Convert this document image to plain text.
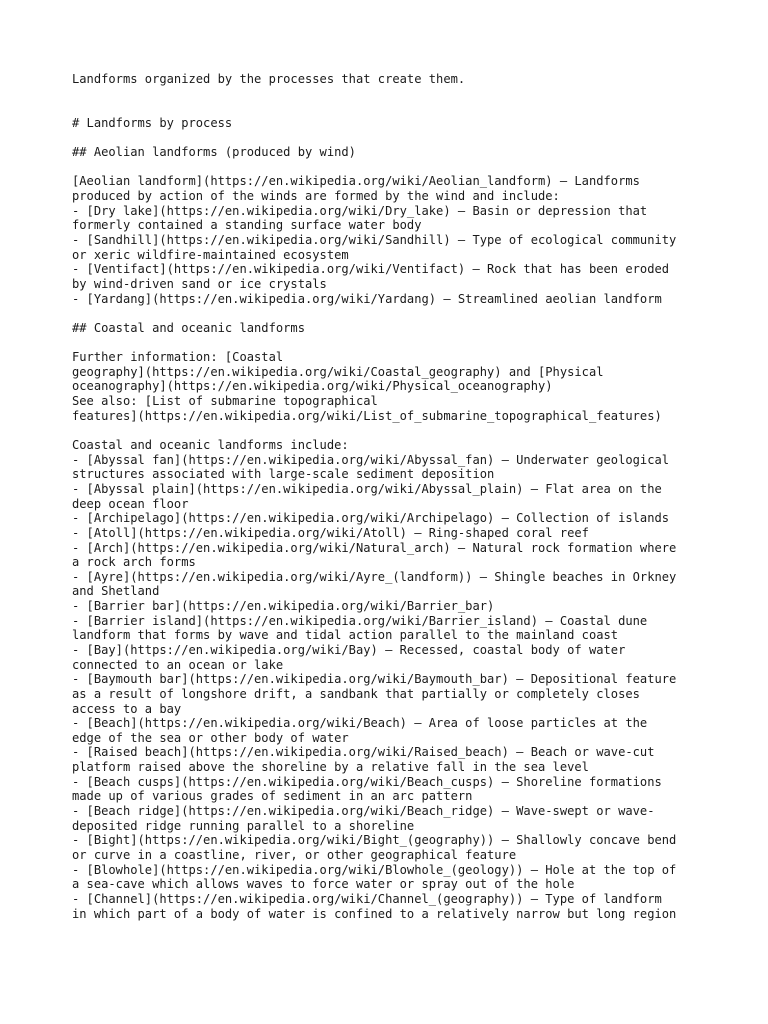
Landforms organized by the processes that create them.
# Landforms by process
## Aeolian landforms (produced by wind)
[Aeolian landform](https://en.wikipedia.org/wiki/Aeolian_landform) – Landforms
produced by action of the winds are formed by the wind and include:
- [Dry lake](https://en.wikipedia.org/wiki/Dry_lake) – Basin or depression that
formerly contained a standing surface water body
- [Sandhill](https://en.wikipedia.org/wiki/Sandhill) – Type of ecological community
or xeric wildfire-maintained ecosystem
- [Ventifact](https://en.wikipedia.org/wiki/Ventifact) – Rock that has been eroded
by wind-driven sand or ice crystals
- [Yardang](https://en.wikipedia.org/wiki/Yardang) – Streamlined aeolian landform
## Coastal and oceanic landforms
Further information: [Coastal
geography](https://en.wikipedia.org/wiki/Coastal_geography) and [Physical
oceanography](https://en.wikipedia.org/wiki/Physical_oceanography)
See also: [List of submarine topographical
features](https://en.wikipedia.org/wiki/List_of_submarine_topographical_features)
Coastal and oceanic landforms include:
- [Abyssal fan](https://en.wikipedia.org/wiki/Abyssal_fan) – Underwater geological
structures associated with large-scale sediment deposition
- [Abyssal plain](https://en.wikipedia.org/wiki/Abyssal_plain) – Flat area on the
deep ocean floor
- [Archipelago](https://en.wikipedia.org/wiki/Archipelago) – Collection of islands
- [Atoll](https://en.wikipedia.org/wiki/Atoll) – Ring-shaped coral reef
- [Arch](https://en.wikipedia.org/wiki/Natural_arch) – Natural rock formation where
a rock arch forms
- [Ayre](https://en.wikipedia.org/wiki/Ayre_(landform)) – Shingle beaches in Orkney
and Shetland
- [Barrier bar](https://en.wikipedia.org/wiki/Barrier_bar)
- [Barrier island](https://en.wikipedia.org/wiki/Barrier_island) – Coastal dune
landform that forms by wave and tidal action parallel to the mainland coast
- [Bay](https://en.wikipedia.org/wiki/Bay) – Recessed, coastal body of water
connected to an ocean or lake
- [Baymouth bar](https://en.wikipedia.org/wiki/Baymouth_bar) – Depositional feature
as a result of longshore drift, a sandbank that partially or completely closes
access to a bay
- [Beach](https://en.wikipedia.org/wiki/Beach) – Area of loose particles at the
edge of the sea or other body of water
- [Raised beach](https://en.wikipedia.org/wiki/Raised_beach) – Beach or wave-cut
platform raised above the shoreline by a relative fall in the sea level
- [Beach cusps](https://en.wikipedia.org/wiki/Beach_cusps) – Shoreline formations
made up of various grades of sediment in an arc pattern
- [Beach ridge](https://en.wikipedia.org/wiki/Beach_ridge) – Wave-swept or wave-
deposited ridge running parallel to a shoreline
- [Bight](https://en.wikipedia.org/wiki/Bight_(geography)) – Shallowly concave bend
or curve in a coastline, river, or other geographical feature
- [Blowhole](https://en.wikipedia.org/wiki/Blowhole_(geology)) – Hole at the top of
a sea-cave which allows waves to force water or spray out of the hole
- [Channel](https://en.wikipedia.org/wiki/Channel_(geography)) – Type of landform
in which part of a body of water is confined to a relatively narrow but long region
